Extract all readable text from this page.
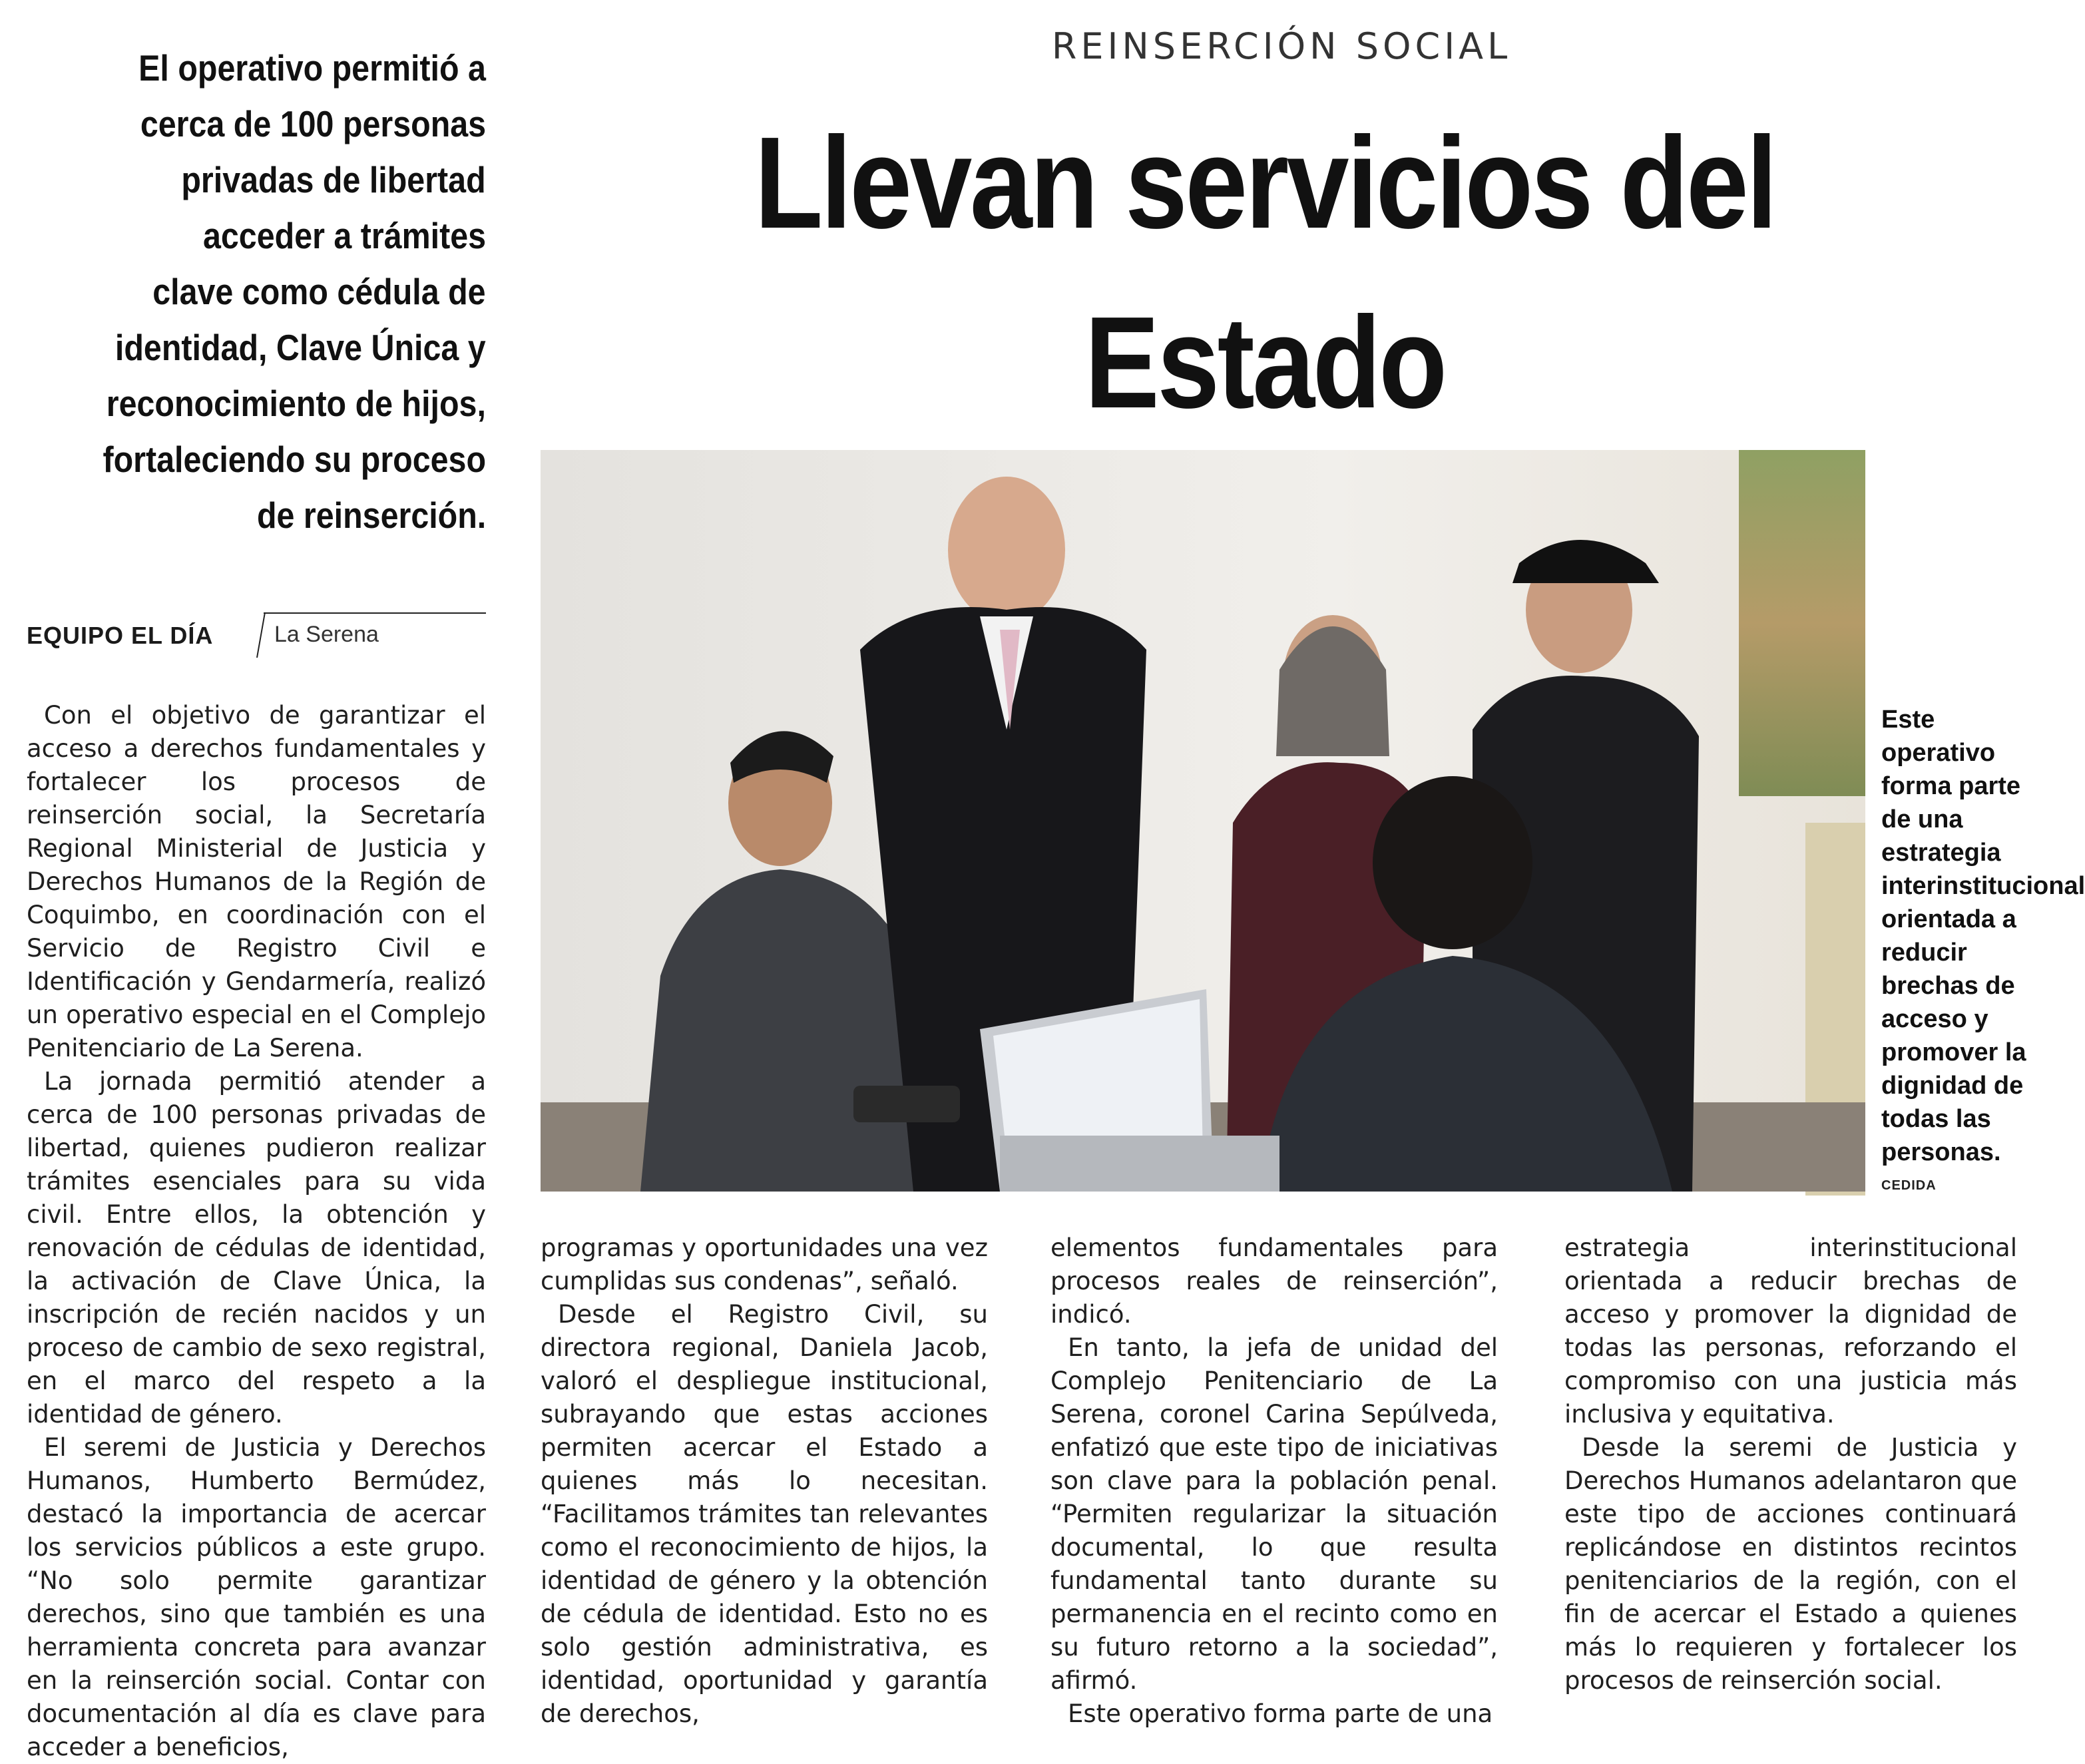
REINSERCIÓN SOCIAL
Llevan servicios del Estado
El operativo permitió a
cerca de 100 personas
privadas de libertad
acceder a trámites
clave como cédula de
identidad, Clave Única y
reconocimiento de hijos,
fortaleciendo su proceso
de reinserción.
EQUIPO EL DÍA	La Serena

Con el objetivo de garantizar el acceso a derechos fundamentales y fortalecer los procesos de reinserción social, la Secretaría Regional Ministerial de Justicia y Derechos Humanos de la Región de Coquimbo, en coordinación con el Servicio de Registro Civil e Identificación y Gendarmería, realizó un operativo especial en el Complejo Penitenciario de La Serena.

La jornada permitió atender a cerca de 100 personas privadas de libertad, quienes pudieron realizar trámites esenciales para su vida civil. Entre ellos, la obtención y renovación de cédulas de identidad, la activación de Clave Única, la inscripción de recién nacidos y un proceso de cambio de sexo registral, en el marco del respeto a la identidad de género.

El seremi de Justicia y Derechos Humanos, Humberto Bermúdez, destacó la importancia de acercar los servicios públicos a este grupo. “No solo permite garantizar derechos, sino que también es una herramienta concreta para avanzar en la reinserción social. Contar con documentación al día es clave para acceder a beneficios,

Este operativo forma parte de una estrategia interinstitucional orientada a reducir brechas de acceso y promover la dignidad de todas las personas.
CEDIDA

programas y oportunidades una vez cumplidas sus condenas”, señaló.

Desde el Registro Civil, su directora regional, Daniela Jacob, valoró el despliegue institucional, subrayando que estas acciones permiten acercar el Estado a quienes más lo necesitan. “Facilitamos trámites tan relevantes como el reconocimiento de hijos, la identidad de género y la obtención de cédula de identidad. Esto no es solo gestión administrativa, es identidad, oportunidad y garantía de derechos,

elementos fundamentales para procesos reales de reinserción”, indicó.

En tanto, la jefa de unidad del Complejo Penitenciario de La Serena, coronel Carina Sepúlveda, enfatizó que este tipo de iniciativas son clave para la población penal. “Permiten regularizar la situación documental, lo que resulta fundamental tanto durante su permanencia en el recinto como en su futuro retorno a la sociedad”, afirmó.

Este operativo forma parte de una

estrategia interinstitucional orientada a reducir brechas de acceso y promover la dignidad de todas las personas, reforzando el compromiso con una justicia más inclusiva y equitativa.

Desde la seremi de Justicia y Derechos Humanos adelantaron que este tipo de acciones continuará replicándose en distintos recintos penitenciarios de la región, con el fin de acercar el Estado a quienes más lo requieren y fortalecer los procesos de reinserción social.
